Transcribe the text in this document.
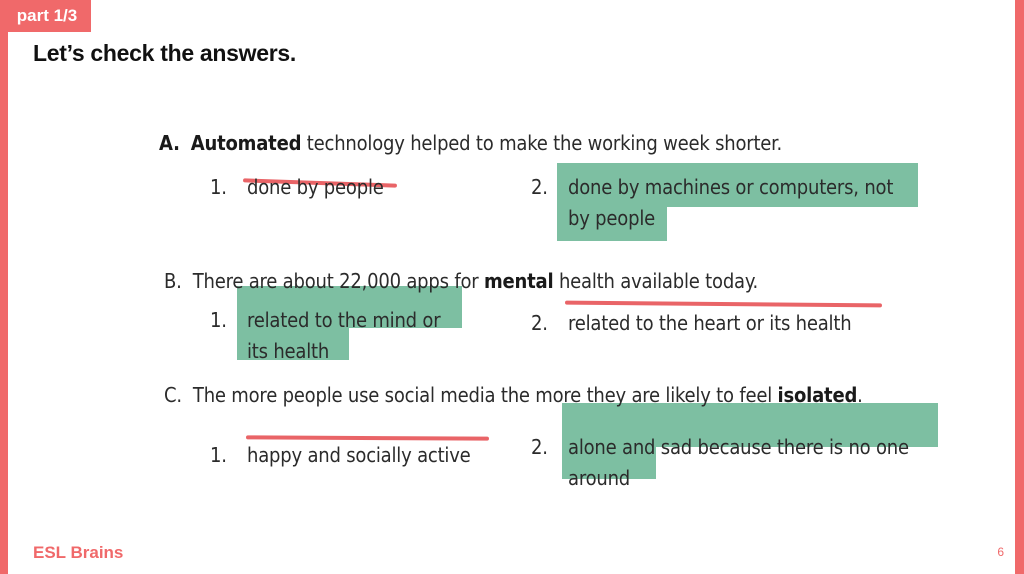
part 1/3
Let’s check the answers.
A. Automated technology helped to make the working week shorter.
1. done by people	2. done by machines or computers, not
by people
B. There are about 22,000 apps for mental health available today.
1. related to the mind or
its health
2. related to the heart or its health
C. The more people use social media the more they are likely to feel isolated.
1. happy and socially active	2. alone and sad because there is no one
around
ESL Brains	6
